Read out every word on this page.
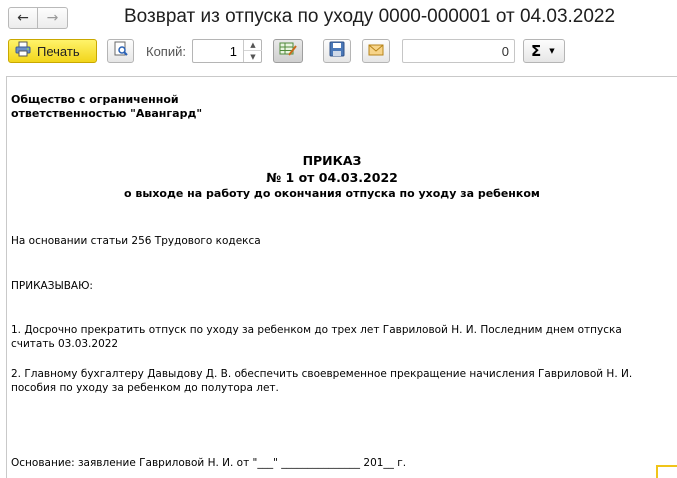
← →	Возврат из отпуска по уходу 0000-000001 от 04.03.2022
Печать	Копий:	1	▲
▼	0 Σ ▼
Общество с ограниченной ответственностью "Авангард"
ПРИКАЗ
№ 1 от 04.03.2022
о выходе на работу до окончания отпуска по уходу за ребенком
На основании статьи 256 Трудового кодекса
ПРИКАЗЫВАЮ:
1. Досрочно прекратить отпуск по уходу за ребенком до трех лет Гавриловой Н. И. Последним днем отпуска считать 03.03.2022
2. Главному бухгалтеру Давыдову Д. В. обеспечить своевременное прекращение начисления Гавриловой Н. И. пособия по уходу за ребенком до полутора лет.
Основание: заявление Гавриловой Н. И. от "___" _______________ 201__ г.
